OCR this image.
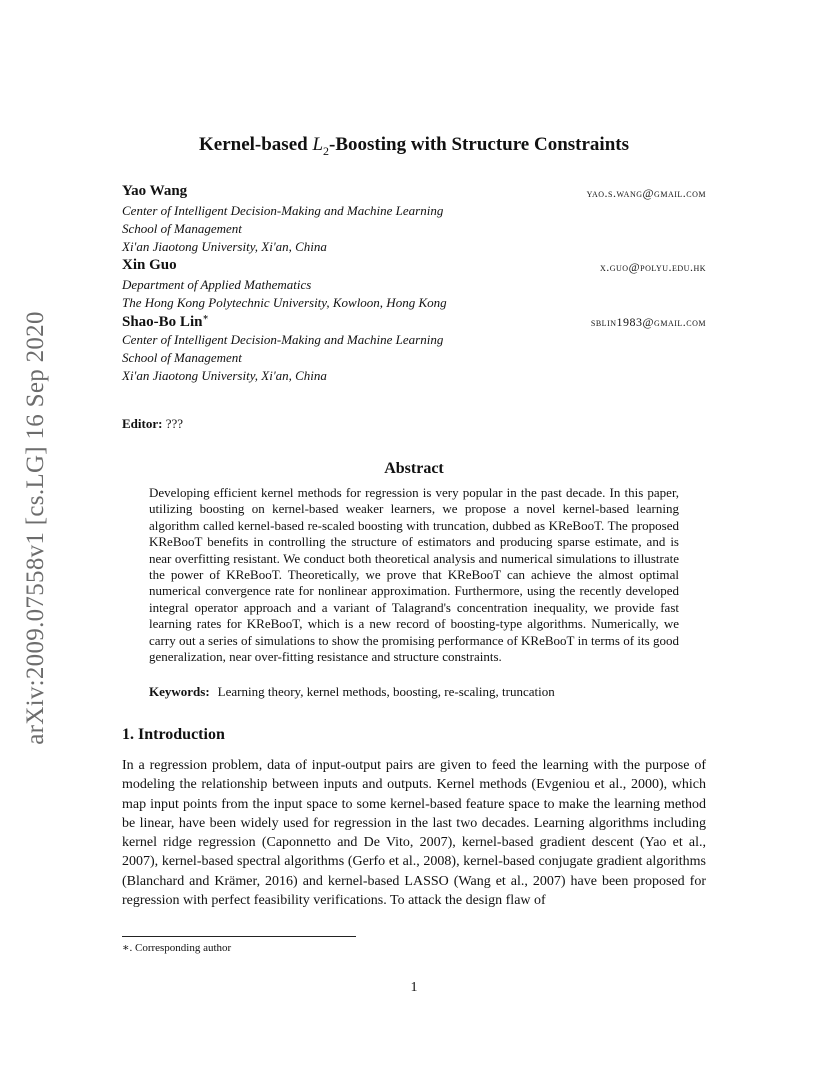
arXiv:2009.07558v1 [cs.LG] 16 Sep 2020
Kernel-based $L_2$-Boosting with Structure Constraints
Yao Wang	yao.s.wang@gmail.com
Center of Intelligent Decision-Making and Machine Learning
School of Management
Xi'an Jiaotong University, Xi'an, China
Xin Guo	x.guo@polyu.edu.hk
Department of Applied Mathematics
The Hong Kong Polytechnic University, Kowloon, Hong Kong
Shao-Bo Lin∗	sblin1983@gmail.com
Center of Intelligent Decision-Making and Machine Learning
School of Management
Xi'an Jiaotong University, Xi'an, China
Editor: ???
Abstract
Developing efficient kernel methods for regression is very popular in the past decade. In this paper, utilizing boosting on kernel-based weaker learners, we propose a novel kernel-based learning algorithm called kernel-based re-scaled boosting with truncation, dubbed as KReBooT. The proposed KReBooT benefits in controlling the structure of estimators and producing sparse estimate, and is near overfitting resistant. We conduct both theoretical analysis and numerical simulations to illustrate the power of KReBooT. Theoretically, we prove that KReBooT can achieve the almost optimal numerical convergence rate for nonlinear approximation. Furthermore, using the recently developed integral operator approach and a variant of Talagrand's concentration inequality, we provide fast learning rates for KReBooT, which is a new record of boosting-type algorithms. Numerically, we carry out a series of simulations to show the promising performance of KReBooT in terms of its good generalization, near over-fitting resistance and structure constraints.
Keywords: Learning theory, kernel methods, boosting, re-scaling, truncation
1. Introduction
In a regression problem, data of input-output pairs are given to feed the learning with the purpose of modeling the relationship between inputs and outputs. Kernel methods (Evgeniou et al., 2000), which map input points from the input space to some kernel-based feature space to make the learning method be linear, have been widely used for regression in the last two decades. Learning algorithms including kernel ridge regression (Caponnetto and De Vito, 2007), kernel-based gradient descent (Yao et al., 2007), kernel-based spectral algorithms (Gerfo et al., 2008), kernel-based conjugate gradient algorithms (Blanchard and Krämer, 2016) and kernel-based LASSO (Wang et al., 2007) have been proposed for regression with perfect feasibility verifications. To attack the design flaw of
∗. Corresponding author
1
